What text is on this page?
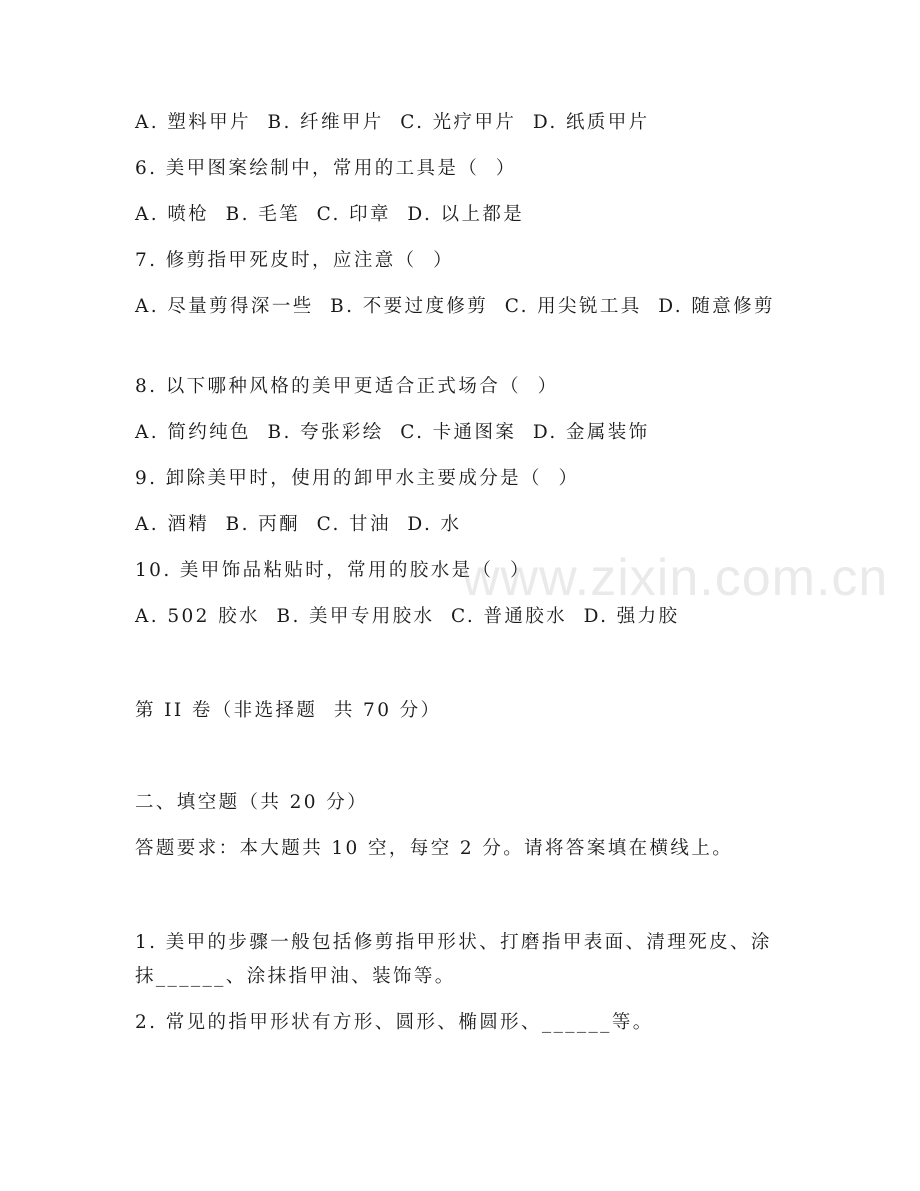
A. 塑料甲片  B. 纤维甲片  C. 光疗甲片  D. 纸质甲片
6. 美甲图案绘制中，常用的工具是（  ）
A. 喷枪  B. 毛笔  C. 印章  D. 以上都是
7. 修剪指甲死皮时，应注意（  ）
A. 尽量剪得深一些  B. 不要过度修剪  C. 用尖锐工具  D. 随意修剪
8. 以下哪种风格的美甲更适合正式场合（  ）
A. 简约纯色  B. 夸张彩绘  C. 卡通图案  D. 金属装饰
9. 卸除美甲时，使用的卸甲水主要成分是（  ）
A. 酒精  B. 丙酮  C. 甘油  D. 水
10. 美甲饰品粘贴时，常用的胶水是（  ）
A. 502 胶水  B. 美甲专用胶水  C. 普通胶水  D. 强力胶
第 II 卷（非选择题  共 70 分）
二、填空题（共 20 分）
答题要求：本大题共 10 空，每空 2 分。请将答案填在横线上。
1. 美甲的步骤一般包括修剪指甲形状、打磨指甲表面、清理死皮、涂抹______、涂抹指甲油、装饰等。
2. 常见的指甲形状有方形、圆形、椭圆形、______等。
www.zixin.com.cn
